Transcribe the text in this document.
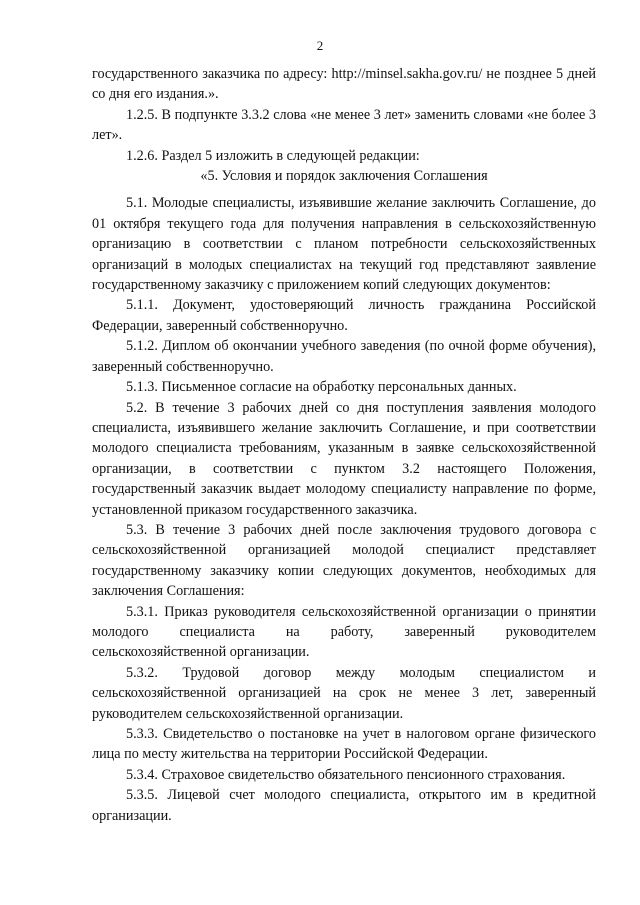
2

государственного заказчика по адресу: http://minsel.sakha.gov.ru/ не позднее 5 дней со дня его издания.».

1.2.5. В подпункте 3.3.2 слова «не менее 3 лет» заменить словами «не более 3 лет».

1.2.6. Раздел 5 изложить в следующей редакции:

«5. Условия и порядок заключения Соглашения

5.1. Молодые специалисты, изъявившие желание заключить Соглашение, до 01 октября текущего года для получения направления в сельскохозяйственную организацию в соответствии с планом потребности сельскохозяйственных организаций в молодых специалистах на текущий год представляют заявление государственному заказчику с приложением копий следующих документов:

5.1.1. Документ, удостоверяющий личность гражданина Российской Федерации, заверенный собственноручно.

5.1.2. Диплом об окончании учебного заведения (по очной форме обучения), заверенный собственноручно.

5.1.3. Письменное согласие на обработку персональных данных.

5.2. В течение 3 рабочих дней со дня поступления заявления молодого специалиста, изъявившего желание заключить Соглашение, и при соответствии молодого специалиста требованиям, указанным в заявке сельскохозяйственной организации, в соответствии с пунктом 3.2 настоящего Положения, государственный заказчик выдает молодому специалисту направление по форме, установленной приказом государственного заказчика.

5.3. В течение 3 рабочих дней после заключения трудового договора с сельскохозяйственной организацией молодой специалист представляет государственному заказчику копии следующих документов, необходимых для заключения Соглашения:

5.3.1. Приказ руководителя сельскохозяйственной организации о принятии молодого специалиста на работу, заверенный руководителем сельскохозяйственной организации.

5.3.2. Трудовой договор между молодым специалистом и сельскохозяйственной организацией на срок не менее 3 лет, заверенный руководителем сельскохозяйственной организации.

5.3.3. Свидетельство о постановке на учет в налоговом органе физического лица по месту жительства на территории Российской Федерации.

5.3.4. Страховое свидетельство обязательного пенсионного страхования.

5.3.5. Лицевой счет молодого специалиста, открытого им в кредитной организации.
